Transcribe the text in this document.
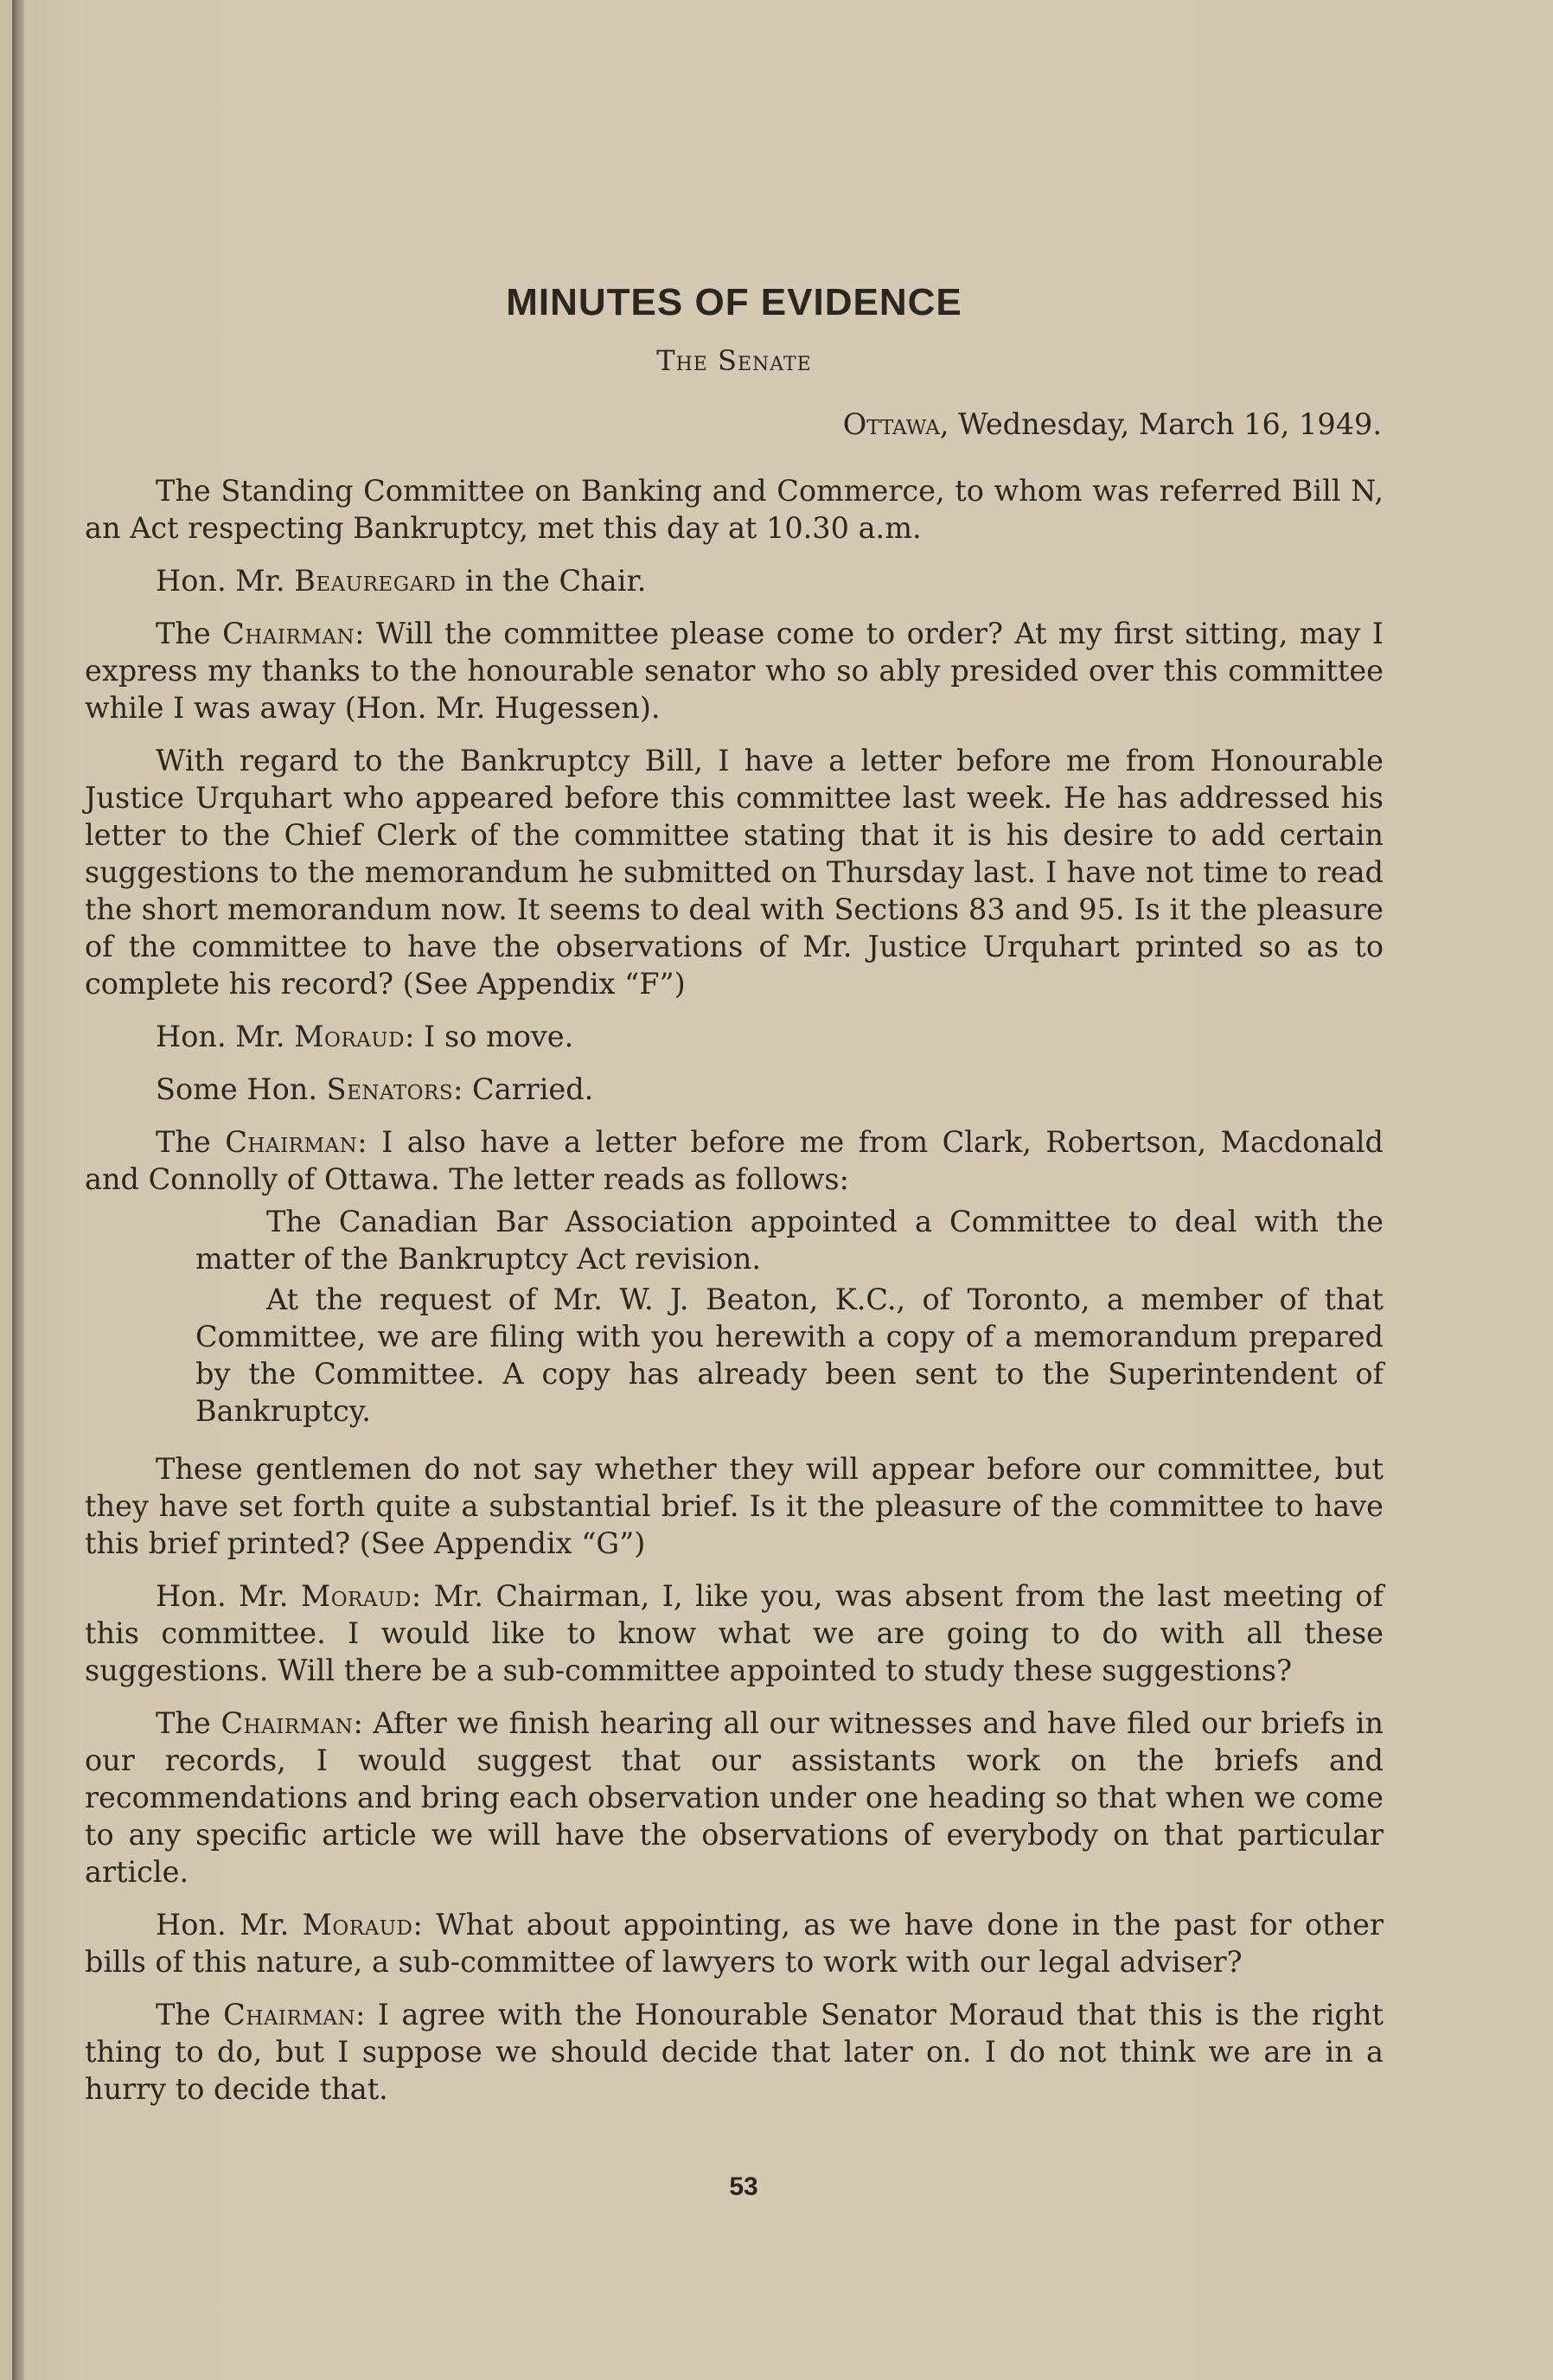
MINUTES OF EVIDENCE
The Senate
Ottawa, Wednesday, March 16, 1949.

The Standing Committee on Banking and Commerce, to whom was referred Bill N, an Act respecting Bankruptcy, met this day at 10.30 a.m.

Hon. Mr. Beauregard in the Chair.

The Chairman: Will the committee please come to order? At my first sitting, may I express my thanks to the honourable senator who so ably presided over this committee while I was away (Hon. Mr. Hugessen).

With regard to the Bankruptcy Bill, I have a letter before me from Honourable Justice Urquhart who appeared before this committee last week. He has addressed his letter to the Chief Clerk of the committee stating that it is his desire to add certain suggestions to the memorandum he submitted on Thursday last. I have not time to read the short memorandum now. It seems to deal with Sections 83 and 95. Is it the pleasure of the committee to have the observations of Mr. Justice Urquhart printed so as to complete his record? (See Appendix “F”)

Hon. Mr. Moraud: I so move.

Some Hon. Senators: Carried.

The Chairman: I also have a letter before me from Clark, Robertson, Macdonald and Connolly of Ottawa. The letter reads as follows:

The Canadian Bar Association appointed a Committee to deal with the matter of the Bankruptcy Act revision.
At the request of Mr. W. J. Beaton, K.C., of Toronto, a member of that Committee, we are filing with you herewith a copy of a memorandum prepared by the Committee. A copy has already been sent to the Superintendent of Bankruptcy.

These gentlemen do not say whether they will appear before our committee, but they have set forth quite a substantial brief. Is it the pleasure of the committee to have this brief printed? (See Appendix “G”)

Hon. Mr. Moraud: Mr. Chairman, I, like you, was absent from the last meeting of this committee. I would like to know what we are going to do with all these suggestions. Will there be a sub-committee appointed to study these suggestions?

The Chairman: After we finish hearing all our witnesses and have filed our briefs in our records, I would suggest that our assistants work on the briefs and recommendations and bring each observation under one heading so that when we come to any specific article we will have the observations of everybody on that particular article.

Hon. Mr. Moraud: What about appointing, as we have done in the past for other bills of this nature, a sub-committee of lawyers to work with our legal adviser?

The Chairman: I agree with the Honourable Senator Moraud that this is the right thing to do, but I suppose we should decide that later on. I do not think we are in a hurry to decide that.

53
